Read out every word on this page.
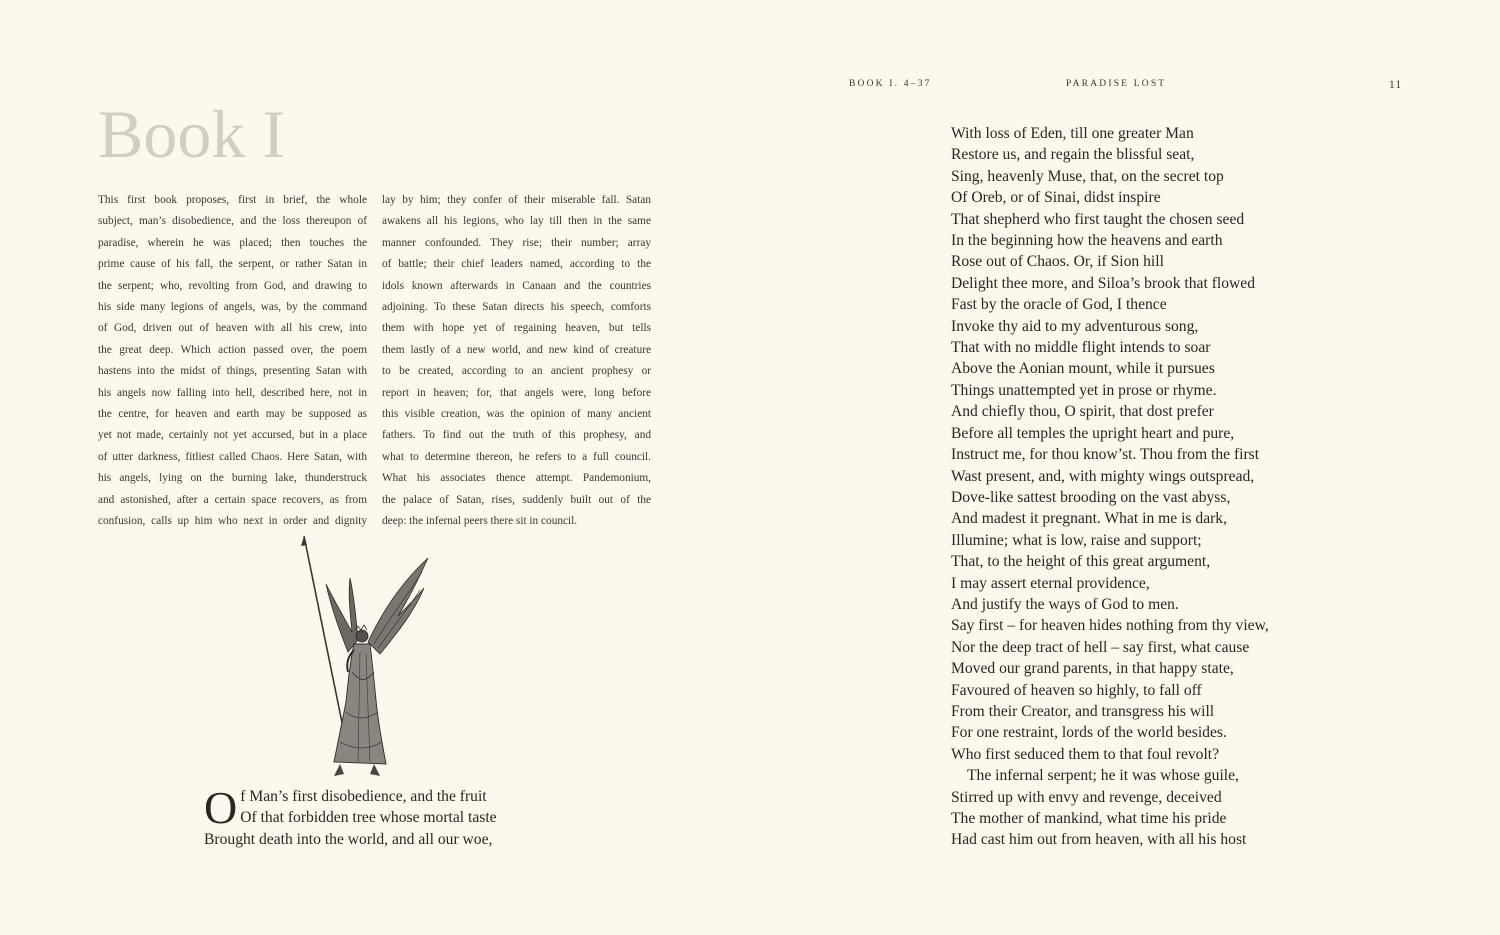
Book I
This first book proposes, first in brief, the whole
subject, man’s disobedience, and the loss thereupon of
paradise, wherein he was placed; then touches the
prime cause of his fall, the serpent, or rather Satan in
the serpent; who, revolting from God, and drawing to
his side many legions of angels, was, by the command
of God, driven out of heaven with all his crew, into
the great deep. Which action passed over, the poem
hastens into the midst of things, presenting Satan with
his angels now falling into hell, described here, not in
the centre, for heaven and earth may be supposed as
yet not made, certainly not yet accursed, but in a place
of utter darkness, fitliest called Chaos. Here Satan, with
his angels, lying on the burning lake, thunderstruck
and astonished, after a certain space recovers, as from
confusion, calls up him who next in order and dignity
lay by him; they confer of their miserable fall. Satan
awakens all his legions, who lay till then in the same
manner confounded. They rise; their number; array
of battle; their chief leaders named, according to the
idols known afterwards in Canaan and the countries
adjoining. To these Satan directs his speech, comforts
them with hope yet of regaining heaven, but tells
them lastly of a new world, and new kind of creature
to be created, according to an ancient prophesy or
report in heaven; for, that angels were, long before
this visible creation, was the opinion of many ancient
fathers. To find out the truth of this prophesy, and
what to determine thereon, he refers to a full council.
What his associates thence attempt. Pandemonium,
the palace of Satan, rises, suddenly built out of the
deep: the infernal peers there sit in council.
O f Man’s first disobedience, and the fruit
Of that forbidden tree whose mortal taste
Brought death into the world, and all our woe,
BOOK I. 4–37	PARADISE LOST	11
With loss of Eden, till one greater Man
Restore us, and regain the blissful seat,
Sing, heavenly Muse, that, on the secret top
Of Oreb, or of Sinai, didst inspire
That shepherd who first taught the chosen seed
In the beginning how the heavens and earth
Rose out of Chaos. Or, if Sion hill
Delight thee more, and Siloa’s brook that flowed
Fast by the oracle of God, I thence
Invoke thy aid to my adventurous song,
That with no middle flight intends to soar
Above the Aonian mount, while it pursues
Things unattempted yet in prose or rhyme.
And chiefly thou, O spirit, that dost prefer
Before all temples the upright heart and pure,
Instruct me, for thou know’st. Thou from the first
Wast present, and, with mighty wings outspread,
Dove-like sattest brooding on the vast abyss,
And madest it pregnant. What in me is dark,
Illumine; what is low, raise and support;
That, to the height of this great argument,
I may assert eternal providence,
And justify the ways of God to men.
Say first – for heaven hides nothing from thy view,
Nor the deep tract of hell – say first, what cause
Moved our grand parents, in that happy state,
Favoured of heaven so highly, to fall off
From their Creator, and transgress his will
For one restraint, lords of the world besides.
Who first seduced them to that foul revolt?
The infernal serpent; he it was whose guile,
Stirred up with envy and revenge, deceived
The mother of mankind, what time his pride
Had cast him out from heaven, with all his host
